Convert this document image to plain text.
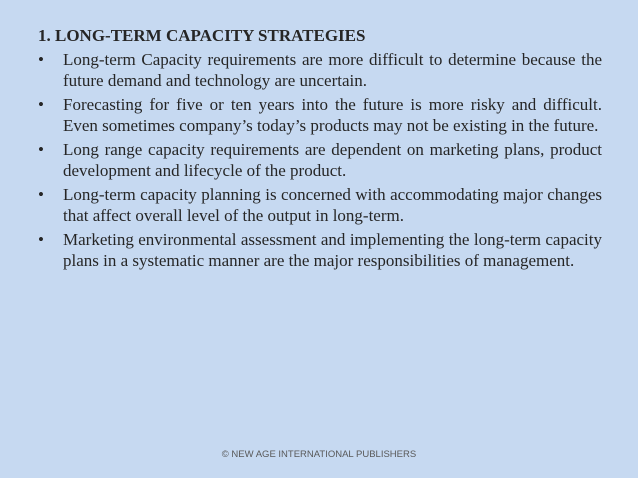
1. LONG-TERM CAPACITY STRATEGIES
•	Long-term Capacity requirements are more difficult to determine because the future demand and technology are uncertain.
•	Forecasting for five or ten years into the future is more risky and difficult. Even sometimes company’s today’s products may not be existing in the future.
•	Long range capacity requirements are dependent on marketing plans, product development and lifecycle of the product.
•	Long-term capacity planning is concerned with accommodating major changes that affect overall level of the output in long-term.
•	Marketing environmental assessment and implementing the long-term capacity plans in a systematic manner are the major responsibilities of management.
© NEW AGE INTERNATIONAL PUBLISHERS
